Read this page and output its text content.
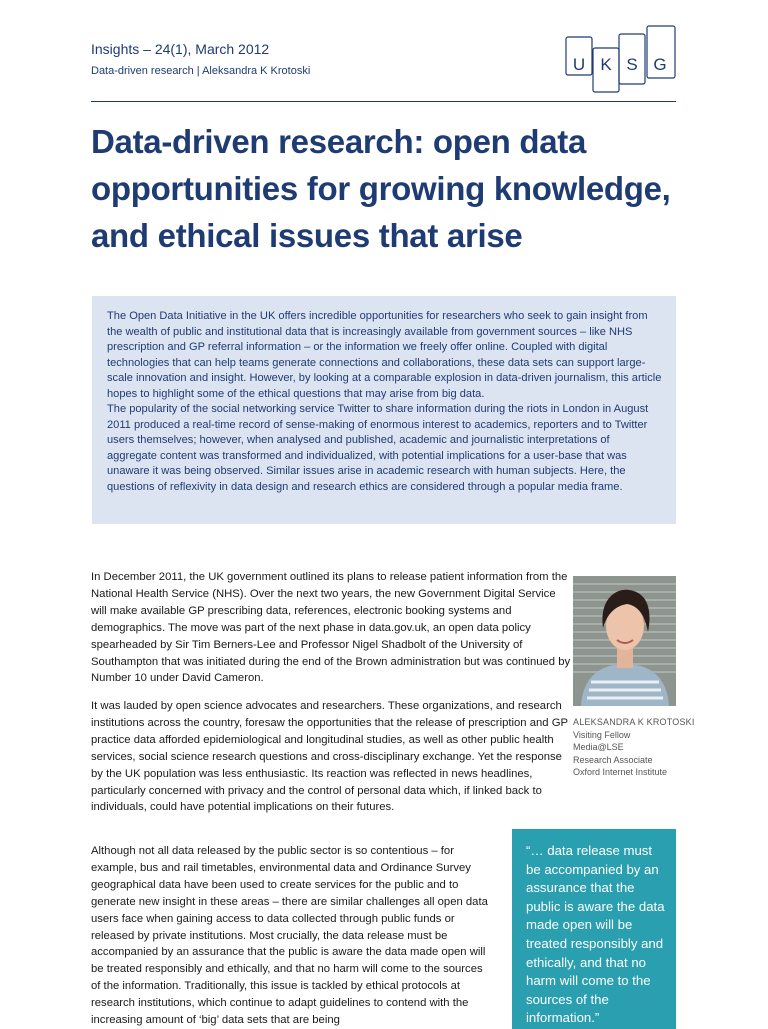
Insights – 24(1), March 2012
Data-driven research | Aleksandra K Krotoski	U K S G
Data-driven research: open data opportunities for growing knowledge, and ethical issues that arise

The Open Data Initiative in the UK offers incredible opportunities for researchers who seek to gain insight from the wealth of public and institutional data that is increasingly available from government sources – like NHS prescription and GP referral information – or the information we freely offer online. Coupled with digital technologies that can help teams generate connections and collaborations, these data sets can support large-scale innovation and insight. However, by looking at a comparable explosion in data-driven journalism, this article hopes to highlight some of the ethical questions that may arise from big data.

The popularity of the social networking service Twitter to share information during the riots in London in August 2011 produced a real-time record of sense-making of enormous interest to academics, reporters and to Twitter users themselves; however, when analysed and published, academic and journalistic interpretations of aggregate content was transformed and individualized, with potential implications for a user-base that was unaware it was being observed. Similar issues arise in academic research with human subjects. Here, the questions of reflexivity in data design and research ethics are considered through a popular media frame.

In December 2011, the UK government outlined its plans to release patient information from the National Health Service (NHS). Over the next two years, the new Government Digital Service will make available GP prescribing data, references, electronic booking systems and demographics. The move was part of the next phase in data.gov.uk, an open data policy spearheaded by Sir Tim Berners-Lee and Professor Nigel Shadbolt of the University of Southampton that was initiated during the end of the Brown administration but was continued by Number 10 under David Cameron.
It was lauded by open science advocates and researchers. These organizations, and research institutions across the country, foresaw the opportunities that the release of prescription and GP practice data afforded epidemiological and longitudinal studies, as well as other public health services, social science research questions and cross-disciplinary exchange. Yet the response by the UK population was less enthusiastic. Its reaction was reflected in news headlines, particularly concerned with privacy and the control of personal data which, if linked back to individuals, could have potential implications on their futures.
Although not all data released by the public sector is so contentious – for example, bus and rail timetables, environmental data and Ordinance Survey geographical data have been used to create services for the public and to generate new insight in these areas – there are similar challenges all open data users face when gaining access to data collected through public funds or released by private institutions. Most crucially, the data release must be accompanied by an assurance that the public is aware the data made open will be treated responsibly and ethically, and that no harm will come to the sources of the information. Traditionally, this issue is tackled by ethical protocols at research institutions, which continue to adapt guidelines to contend with the increasing amount of ‘big’ data sets that are being
ALEKSANDRA K KROTOSKI
Visiting Fellow
Media@LSE
Research Associate
Oxford Internet Institute
“… data release must be accompanied by an assurance that the public is aware the data made open will be treated responsibly and ethically, and that no harm will come to the sources of the information.”
